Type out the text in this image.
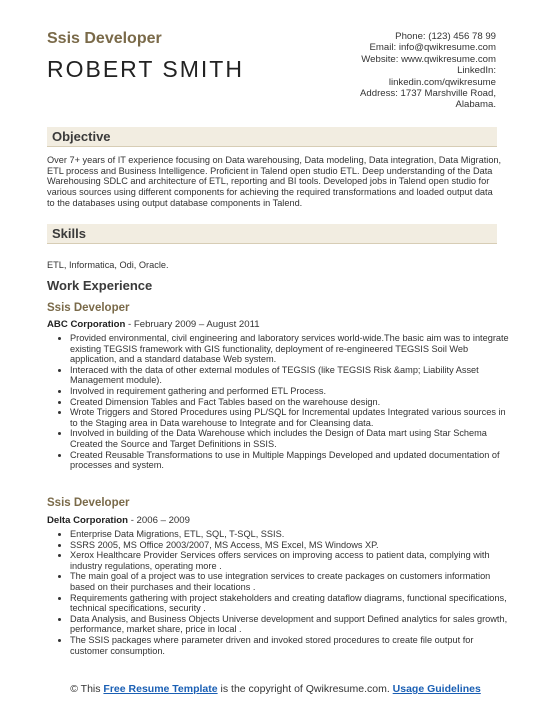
Ssis Developer
ROBERT SMITH
Phone: (123) 456 78 99
Email: info@qwikresume.com
Website: www.qwikresume.com
LinkedIn:
linkedin.com/qwikresume
Address: 1737 Marshville Road, Alabama.
Objective

Over 7+ years of IT experience focusing on Data warehousing, Data modeling, Data integration, Data Migration, ETL process and Business Intelligence. Proficient in Talend open studio ETL. Deep understanding of the Data Warehousing SDLC and architecture of ETL, reporting and BI tools. Developed jobs in Talend open studio for various sources using different components for achieving the required transformations and loaded output data to the databases using output database components in Talend.

Skills

ETL, Informatica, Odi, Oracle.

Work Experience
Ssis Developer

ABC Corporation - February 2009 – August 2011

• Provided environmental, civil engineering and laboratory services world-wide.The basic aim was to integrate existing TEGSIS framework with GIS functionality, deployment of re-engineered TEGSIS Soil Web application, and a standard database Web system.
• Interaced with the data of other external modules of TEGSIS (like TEGSIS Risk &amp; Liability Asset Management module).
• Involved in requirement gathering and performed ETL Process.
• Created Dimension Tables and Fact Tables based on the warehouse design.
• Wrote Triggers and Stored Procedures using PL/SQL for Incremental updates Integrated various sources in to the Staging area in Data warehouse to Integrate and for Cleansing data.
• Involved in building of the Data Warehouse which includes the Design of Data mart using Star Schema Created the Source and Target Definitions in SSIS.
• Created Reusable Transformations to use in Multiple Mappings Developed and updated documentation of processes and system.
Ssis Developer

Delta Corporation - 2006 – 2009

• Enterprise Data Migrations, ETL, SQL, T-SQL, SSIS.
• SSRS 2005, MS Office 2003/2007, MS Access, MS Excel, MS Windows XP.
• Xerox Healthcare Provider Services offers services on improving access to patient data, complying with industry regulations, operating more .
• The main goal of a project was to use integration services to create packages on customers information based on their purchases and their locations .
• Requirements gathering with project stakeholders and creating dataflow diagrams, functional specifications, technical specifications, security .
• Data Analysis, and Business Objects Universe development and support Defined analytics for sales growth, performance, market share, price in local .
• The SSIS packages where parameter driven and invoked stored procedures to create file output for customer consumption.
© This Free Resume Template is the copyright of Qwikresume.com. Usage Guidelines
